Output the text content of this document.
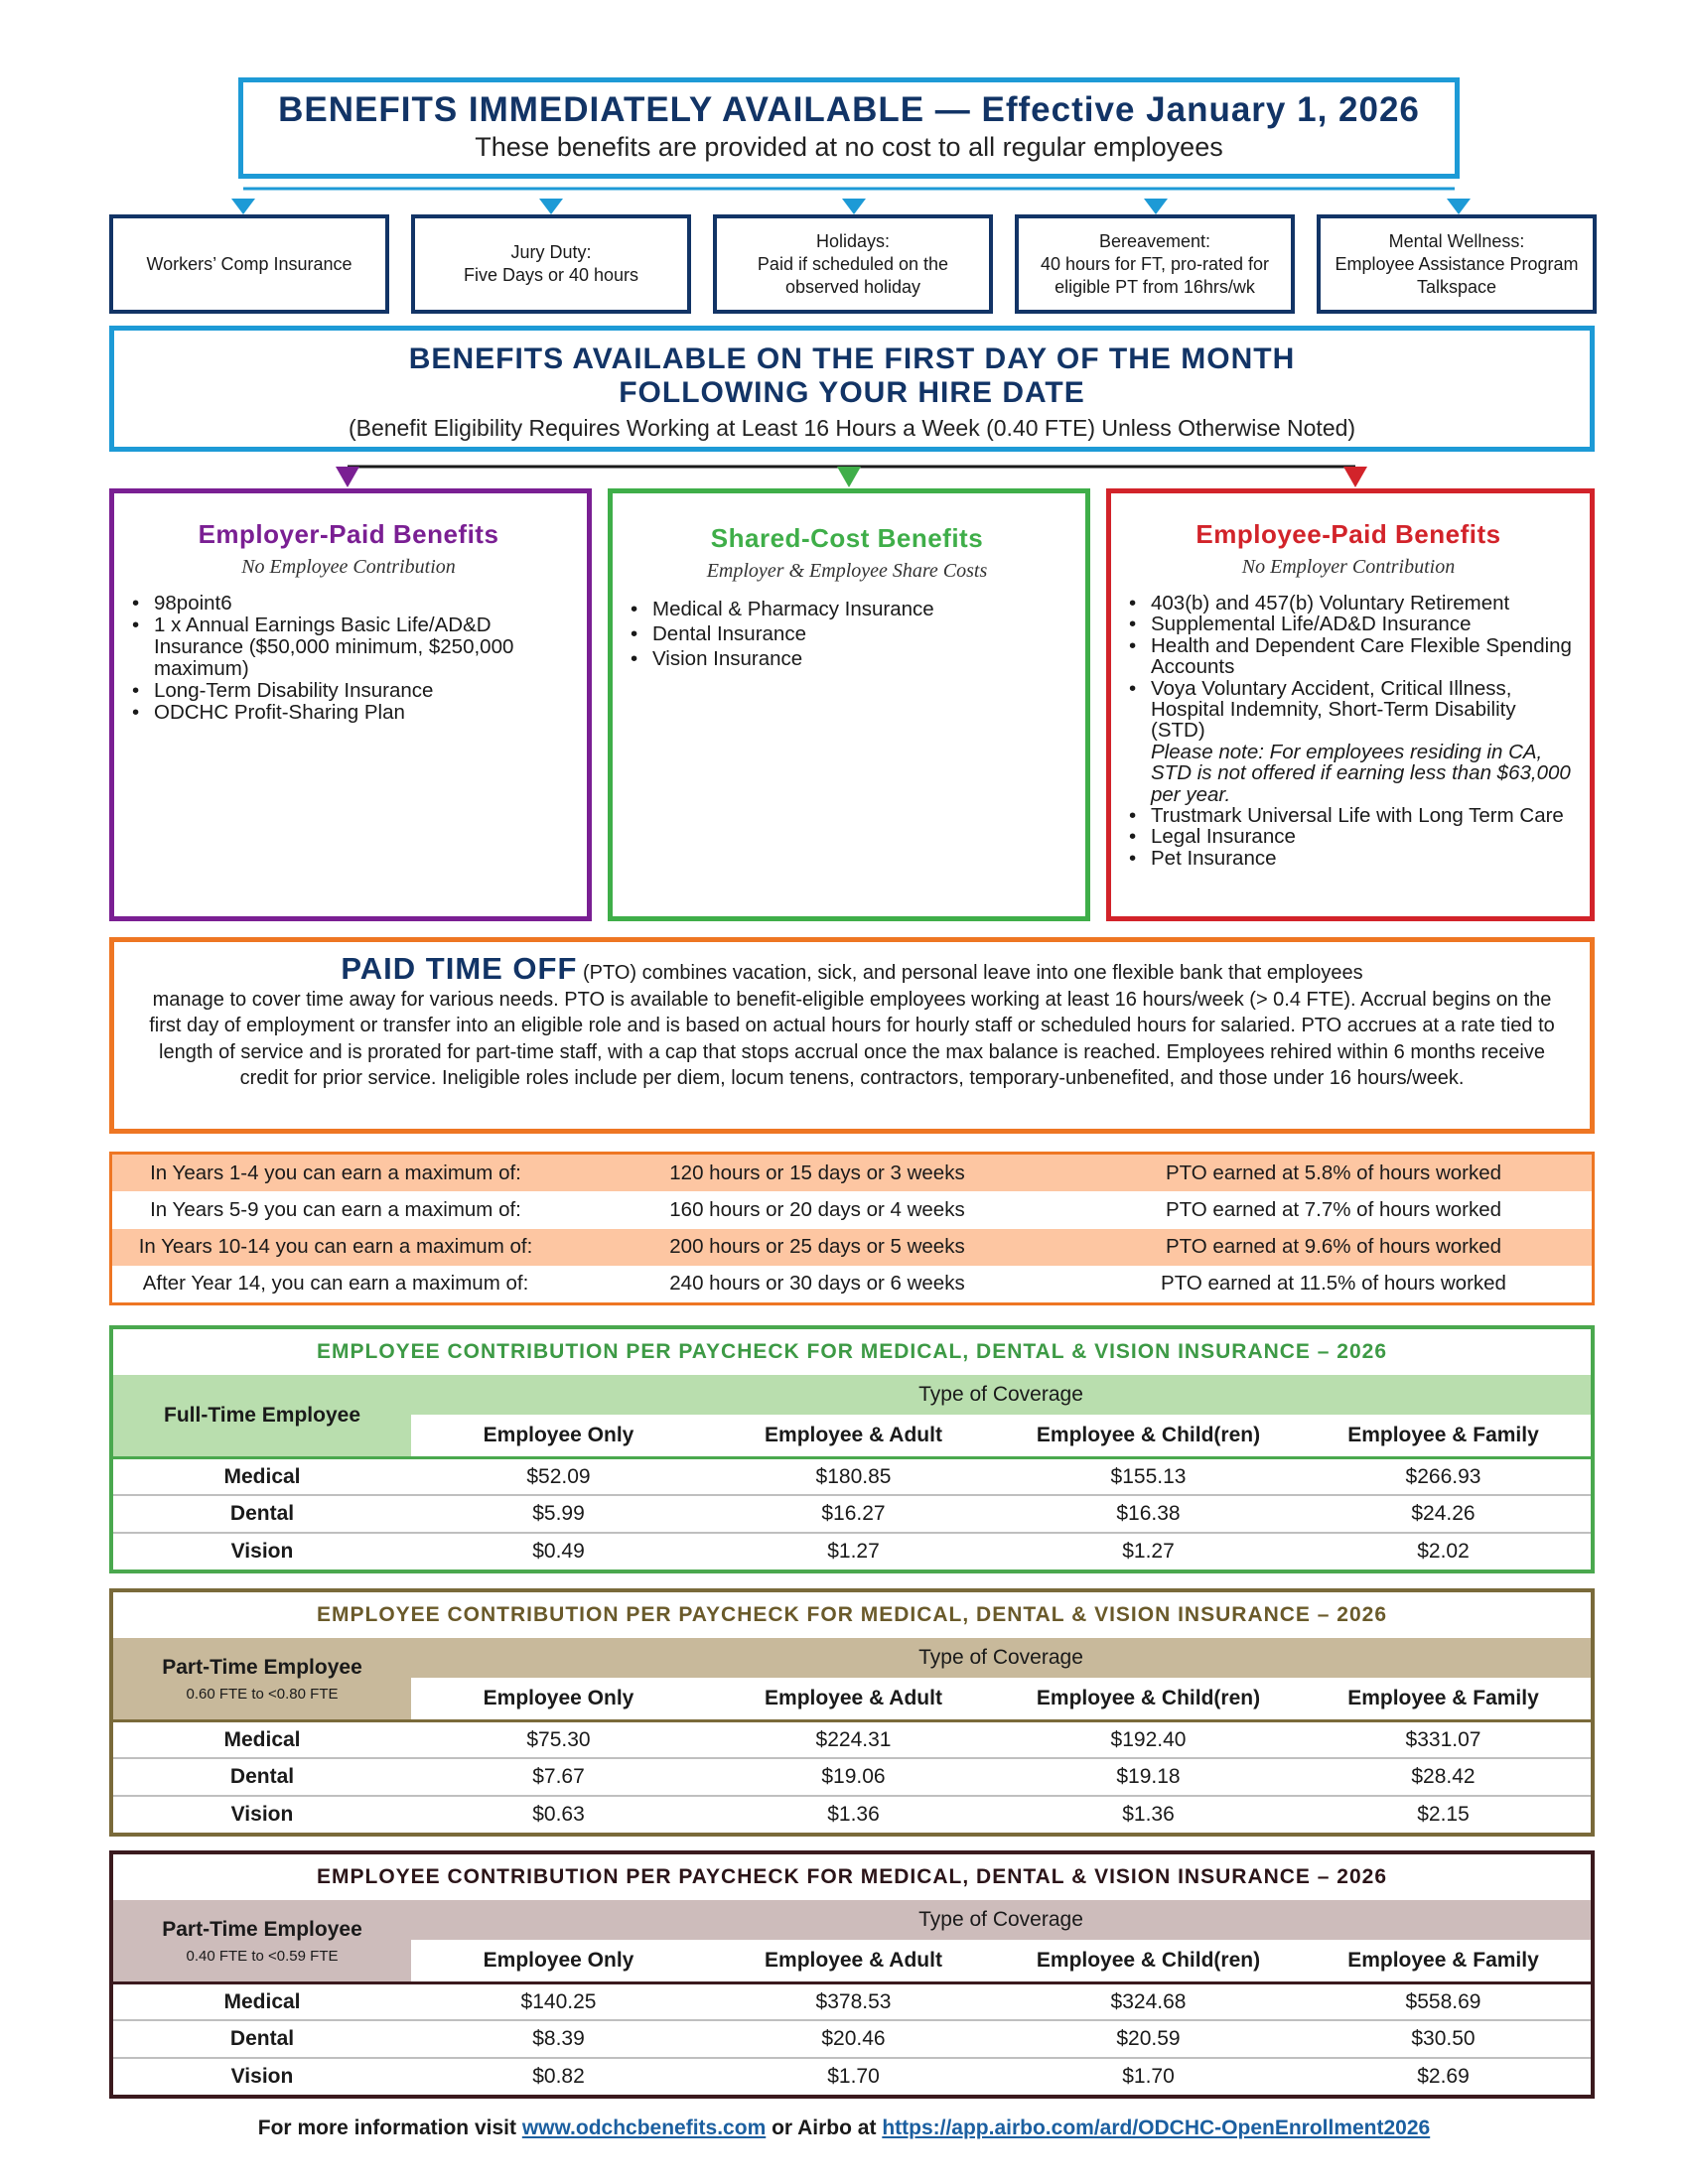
BENEFITS IMMEDIATELY AVAILABLE — Effective January 1, 2026
These benefits are provided at no cost to all regular employees
Workers’ Comp Insurance
Jury Duty:
Five Days or 40 hours
Holidays:
Paid if scheduled on the
observed holiday
Bereavement:
40 hours for FT, pro-rated for
eligible PT from 16hrs/wk
Mental Wellness:
Employee Assistance Program
Talkspace
BENEFITS AVAILABLE ON THE FIRST DAY OF THE MONTH
FOLLOWING YOUR HIRE DATE
(Benefit Eligibility Requires Working at Least 16 Hours a Week (0.40 FTE) Unless Otherwise Noted)
Employer-Paid Benefits
No Employee Contribution
• 98point6
• 1 x Annual Earnings Basic Life/AD&D Insurance ($50,000 minimum, $250,000 maximum)
• Long-Term Disability Insurance
• ODCHC Profit-Sharing Plan
Shared-Cost Benefits
Employer & Employee Share Costs
• Medical & Pharmacy Insurance
• Dental Insurance
• Vision Insurance
Employee-Paid Benefits
No Employer Contribution
• 403(b) and 457(b) Voluntary Retirement
• Supplemental Life/AD&D Insurance
• Health and Dependent Care Flexible Spending Accounts
• Voya Voluntary Accident, Critical Illness, Hospital Indemnity, Short-Term Disability (STD)
Please note: For employees residing in CA, STD is not offered if earning less than $63,000 per year.
• Trustmark Universal Life with Long Term Care
• Legal Insurance
• Pet Insurance
PAID TIME OFF (PTO) combines vacation, sick, and personal leave into one flexible bank that employees
manage to cover time away for various needs. PTO is available to benefit-eligible employees working at least 16 hours/week (> 0.4 FTE). Accrual begins on the first day of employment or transfer into an eligible role and is based on actual hours for hourly staff or scheduled hours for salaried. PTO accrues at a rate tied to length of service and is prorated for part-time staff, with a cap that stops accrual once the max balance is reached. Employees rehired within 6 months receive credit for prior service. Ineligible roles include per diem, locum tenens, contractors, temporary-unbenefited, and those under 16 hours/week.
In Years 1-4 you can earn a maximum of:	120 hours or 15 days or 3 weeks	PTO earned at 5.8% of hours worked
In Years 5-9 you can earn a maximum of:	160 hours or 20 days or 4 weeks	PTO earned at 7.7% of hours worked
In Years 10-14 you can earn a maximum of:	200 hours or 25 days or 5 weeks	PTO earned at 9.6% of hours worked
After Year 14, you can earn a maximum of:	240 hours or 30 days or 6 weeks	PTO earned at 11.5% of hours worked
EMPLOYEE CONTRIBUTION PER PAYCHECK FOR MEDICAL, DENTAL & VISION INSURANCE – 2026
Full-Time Employee
Type of Coverage
Employee Only	Employee & Adult	Employee & Child(ren)	Employee & Family
Medical	$52.09	$180.85	$155.13	$266.93
Dental	$5.99	$16.27	$16.38	$24.26
Vision	$0.49	$1.27	$1.27	$2.02
EMPLOYEE CONTRIBUTION PER PAYCHECK FOR MEDICAL, DENTAL & VISION INSURANCE – 2026
Part-Time Employee
0.60 FTE to <0.80 FTE
Type of Coverage
Employee Only	Employee & Adult	Employee & Child(ren)	Employee & Family
Medical	$75.30	$224.31	$192.40	$331.07
Dental	$7.67	$19.06	$19.18	$28.42
Vision	$0.63	$1.36	$1.36	$2.15
EMPLOYEE CONTRIBUTION PER PAYCHECK FOR MEDICAL, DENTAL & VISION INSURANCE – 2026
Part-Time Employee
0.40 FTE to <0.59 FTE
Type of Coverage
Employee Only	Employee & Adult	Employee & Child(ren)	Employee & Family
Medical	$140.25	$378.53	$324.68	$558.69
Dental	$8.39	$20.46	$20.59	$30.50
Vision	$0.82	$1.70	$1.70	$2.69
For more information visit www.odchcbenefits.com or Airbo at https://app.airbo.com/ard/ODCHC-OpenEnrollment2026
